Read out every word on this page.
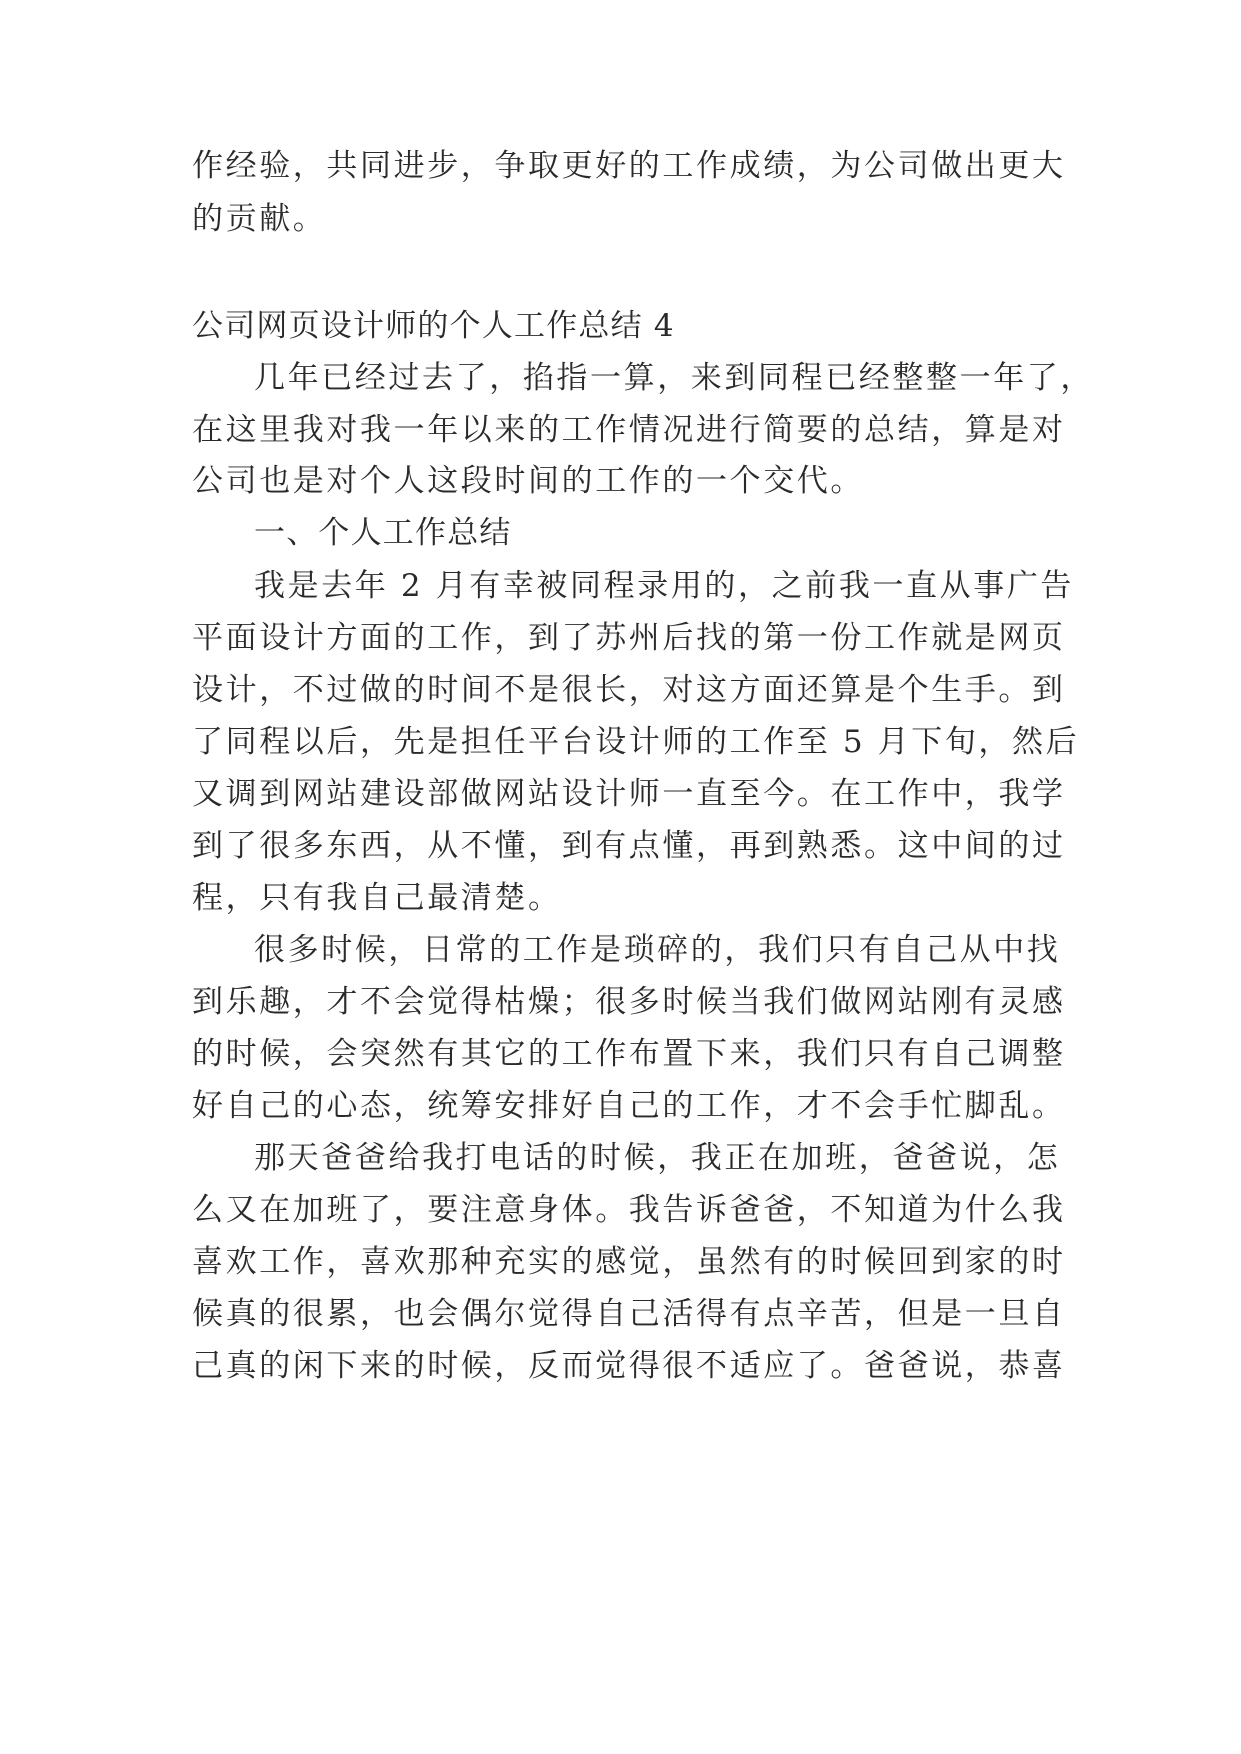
作经验，共同进步，争取更好的工作成绩，为公司做出更大
的贡献。
公司网页设计师的个人工作总结 4
几年已经过去了，掐指一算，来到同程已经整整一年了，
在这里我对我一年以来的工作情况进行简要的总结，算是对
公司也是对个人这段时间的工作的一个交代。
一、个人工作总结
我是去年 2 月有幸被同程录用的，之前我一直从事广告
平面设计方面的工作，到了苏州后找的第一份工作就是网页
设计，不过做的时间不是很长，对这方面还算是个生手。到
了同程以后，先是担任平台设计师的工作至 5 月下旬，然后
又调到网站建设部做网站设计师一直至今。在工作中，我学
到了很多东西，从不懂，到有点懂，再到熟悉。这中间的过
程，只有我自己最清楚。
很多时候，日常的工作是琐碎的，我们只有自己从中找
到乐趣，才不会觉得枯燥；很多时候当我们做网站刚有灵感
的时候，会突然有其它的工作布置下来，我们只有自己调整
好自己的心态，统筹安排好自己的工作，才不会手忙脚乱。
那天爸爸给我打电话的时候，我正在加班，爸爸说，怎
么又在加班了，要注意身体。我告诉爸爸，不知道为什么我
喜欢工作，喜欢那种充实的感觉，虽然有的时候回到家的时
候真的很累，也会偶尔觉得自己活得有点辛苦，但是一旦自
己真的闲下来的时候，反而觉得很不适应了。爸爸说，恭喜
